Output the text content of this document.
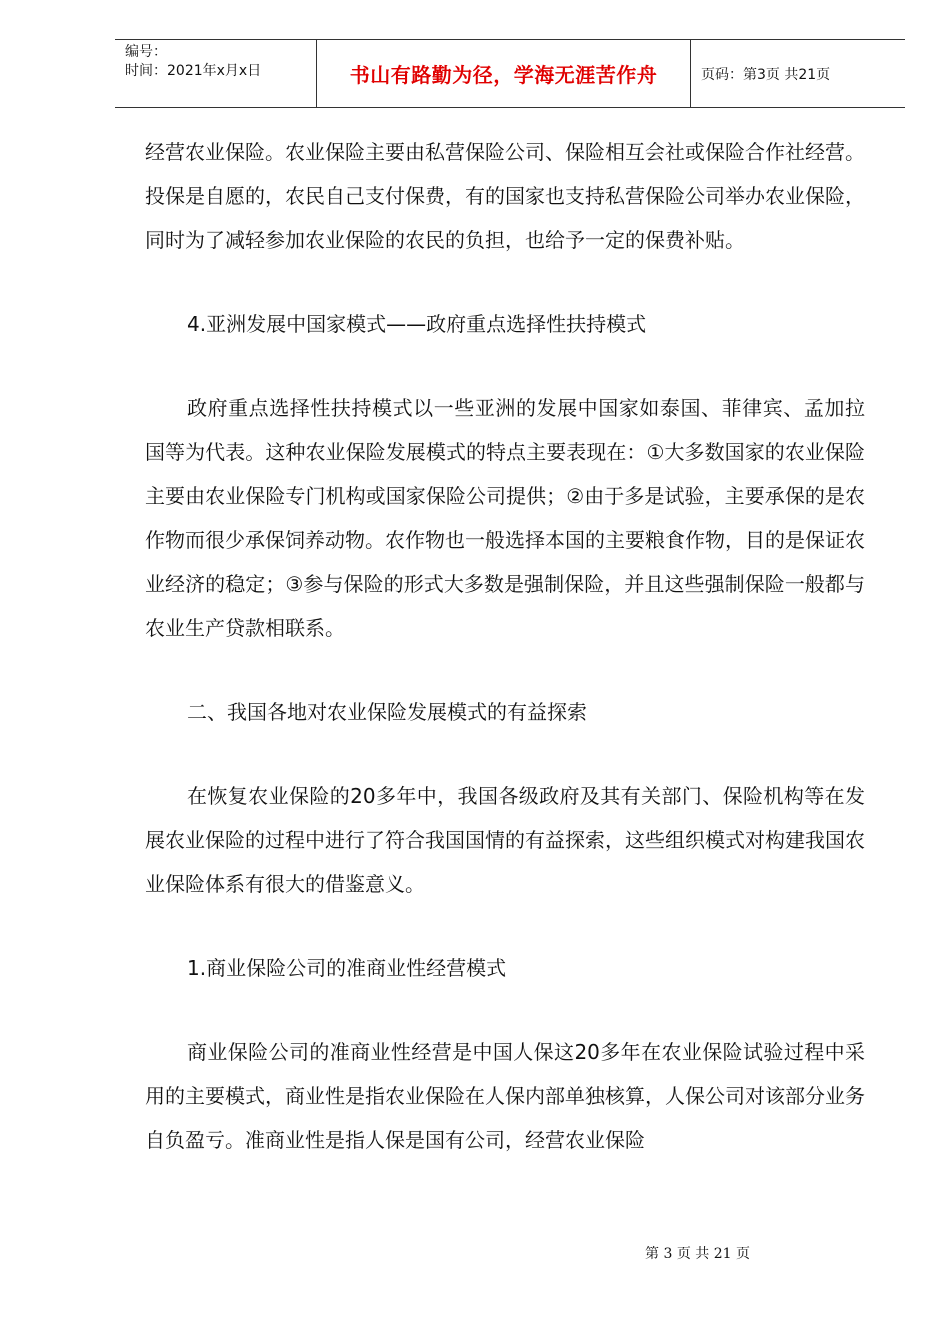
编号：
时间：2021年x月x日	书山有路勤为径，学海无涯苦作舟	页码：第3页 共21页

经营农业保险。农业保险主要由私营保险公司、保险相互会社或保险合作社经营。投保是自愿的，农民自己支付保费，有的国家也支持私营保险公司举办农业保险，同时为了减轻参加农业保险的农民的负担，也给予一定的保费补贴。

4.亚洲发展中国家模式——政府重点选择性扶持模式

政府重点选择性扶持模式以一些亚洲的发展中国家如泰国、菲律宾、孟加拉国等为代表。这种农业保险发展模式的特点主要表现在：①大多数国家的农业保险主要由农业保险专门机构或国家保险公司提供；②由于多是试验，主要承保的是农作物而很少承保饲养动物。农作物也一般选择本国的主要粮食作物，目的是保证农业经济的稳定；③参与保险的形式大多数是强制保险，并且这些强制保险一般都与农业生产贷款相联系。

二、我国各地对农业保险发展模式的有益探索

在恢复农业保险的20多年中，我国各级政府及其有关部门、保险机构等在发展农业保险的过程中进行了符合我国国情的有益探索，这些组织模式对构建我国农业保险体系有很大的借鉴意义。

1.商业保险公司的准商业性经营模式

商业保险公司的准商业性经营是中国人保这20多年在农业保险试验过程中采用的主要模式，商业性是指农业保险在人保内部单独核算，人保公司对该部分业务自负盈亏。准商业性是指人保是国有公司，经营农业保险

第 3 页 共 21 页
